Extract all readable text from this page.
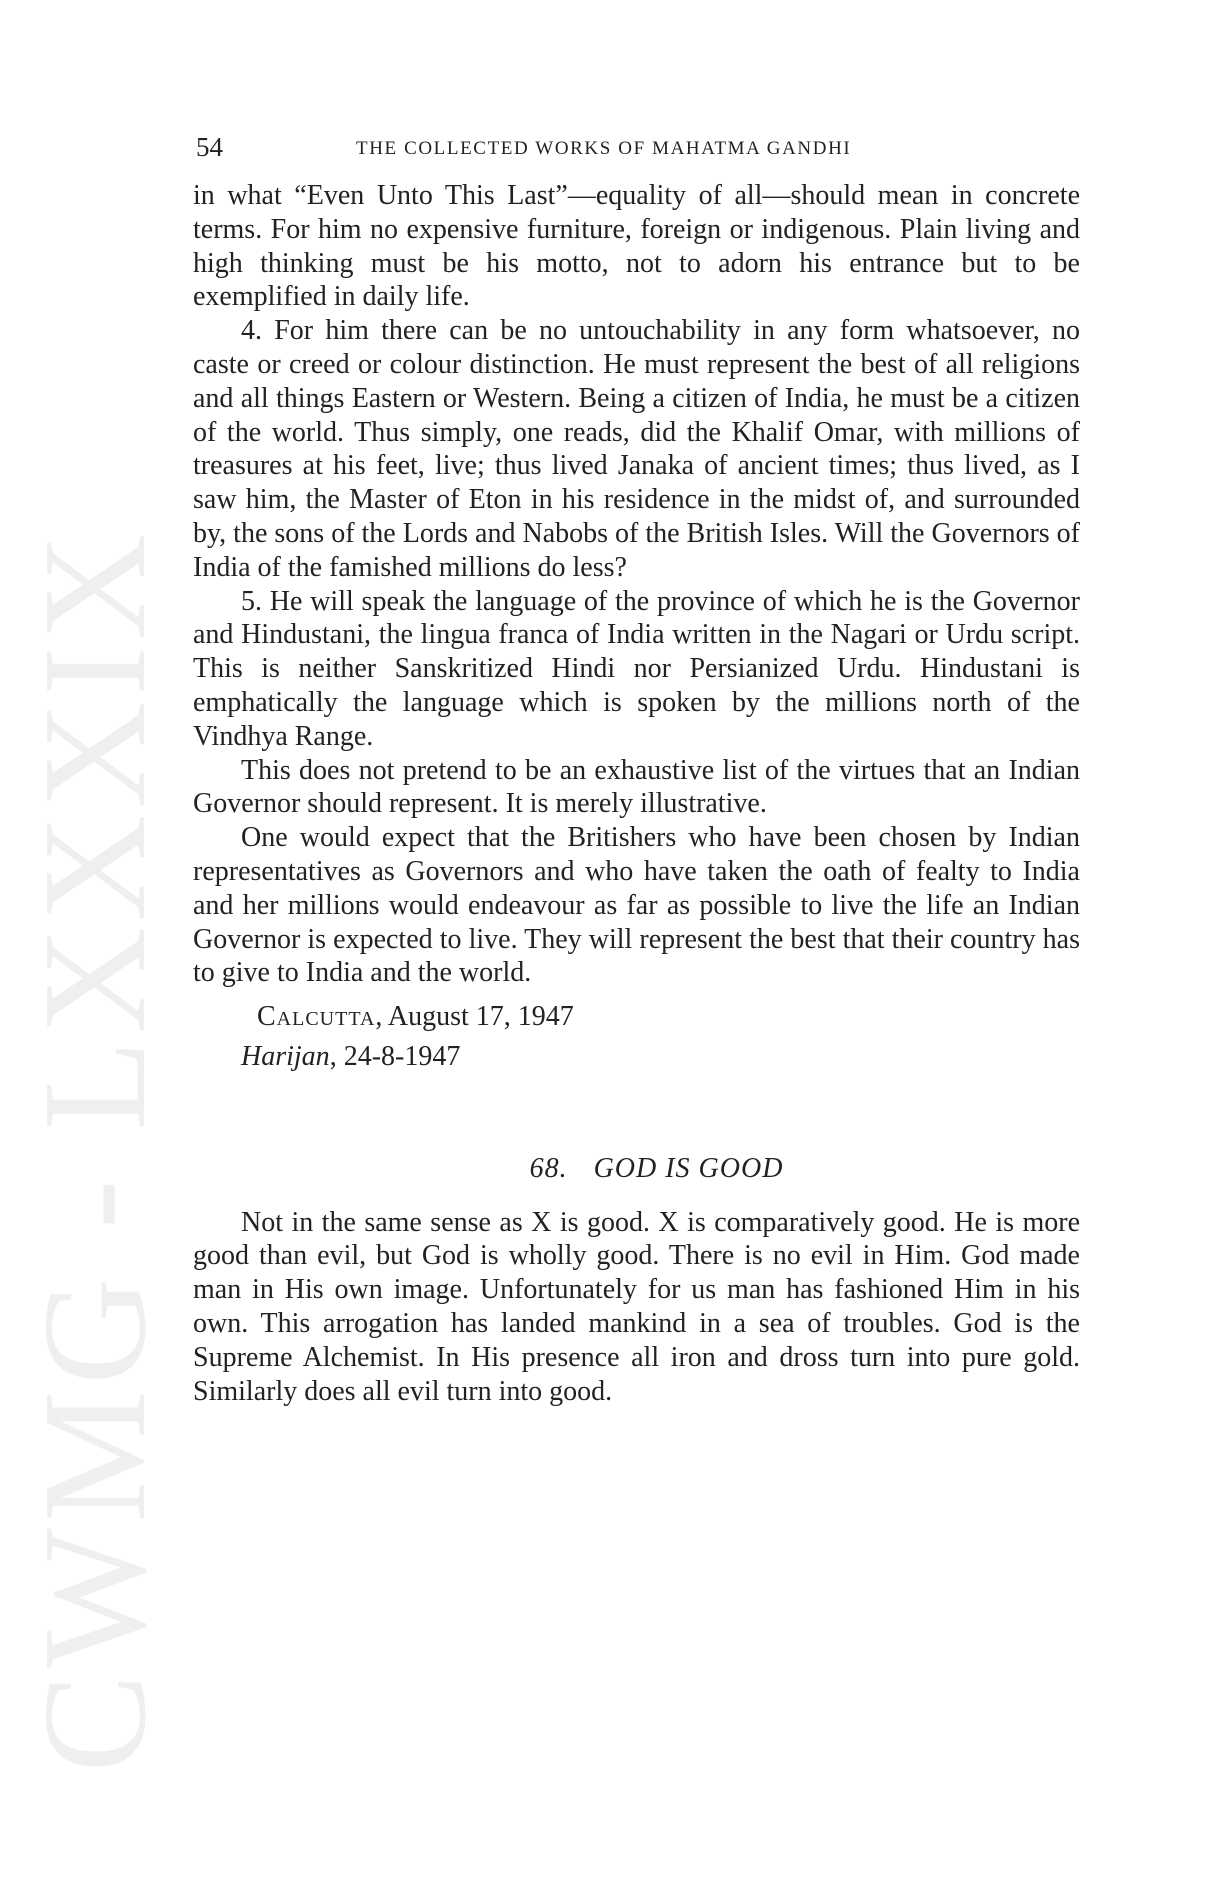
CWMG - LXXXIX
54	THE COLLECTED WORKS OF MAHATMA GANDHI

in what “Even Unto This Last”—equality of all—should mean in concrete terms. For him no expensive furniture, foreign or indigenous. Plain living and high thinking must be his motto, not to adorn his entrance but to be exemplified in daily life.

4. For him there can be no untouchability in any form whatsoever, no caste or creed or colour distinction. He must represent the best of all religions and all things Eastern or Western. Being a citizen of India, he must be a citizen of the world. Thus simply, one reads, did the Khalif Omar, with millions of treasures at his feet, live; thus lived Janaka of ancient times; thus lived, as I saw him, the Master of Eton in his residence in the midst of, and surrounded by, the sons of the Lords and Nabobs of the British Isles. Will the Governors of India of the famished millions do less?

5. He will speak the language of the province of which he is the Governor and Hindustani, the lingua franca of India written in the Nagari or Urdu script. This is neither Sanskritized Hindi nor Persianized Urdu. Hindustani is emphatically the language which is spoken by the millions north of the Vindhya Range.

This does not pretend to be an exhaustive list of the virtues that an Indian Governor should represent. It is merely illustrative.

One would expect that the Britishers who have been chosen by Indian representatives as Governors and who have taken the oath of fealty to India and her millions would endeavour as far as possible to live the life an Indian Governor is expected to live. They will represent the best that their country has to give to India and the world.

Calcutta, August 17, 1947

Harijan, 24-8-1947

68. GOD IS GOOD

Not in the same sense as X is good. X is comparatively good. He is more good than evil, but God is wholly good. There is no evil in Him. God made man in His own image. Unfortunately for us man has fashioned Him in his own. This arrogation has landed mankind in a sea of troubles. God is the Supreme Alchemist. In His presence all iron and dross turn into pure gold. Similarly does all evil turn into good.
